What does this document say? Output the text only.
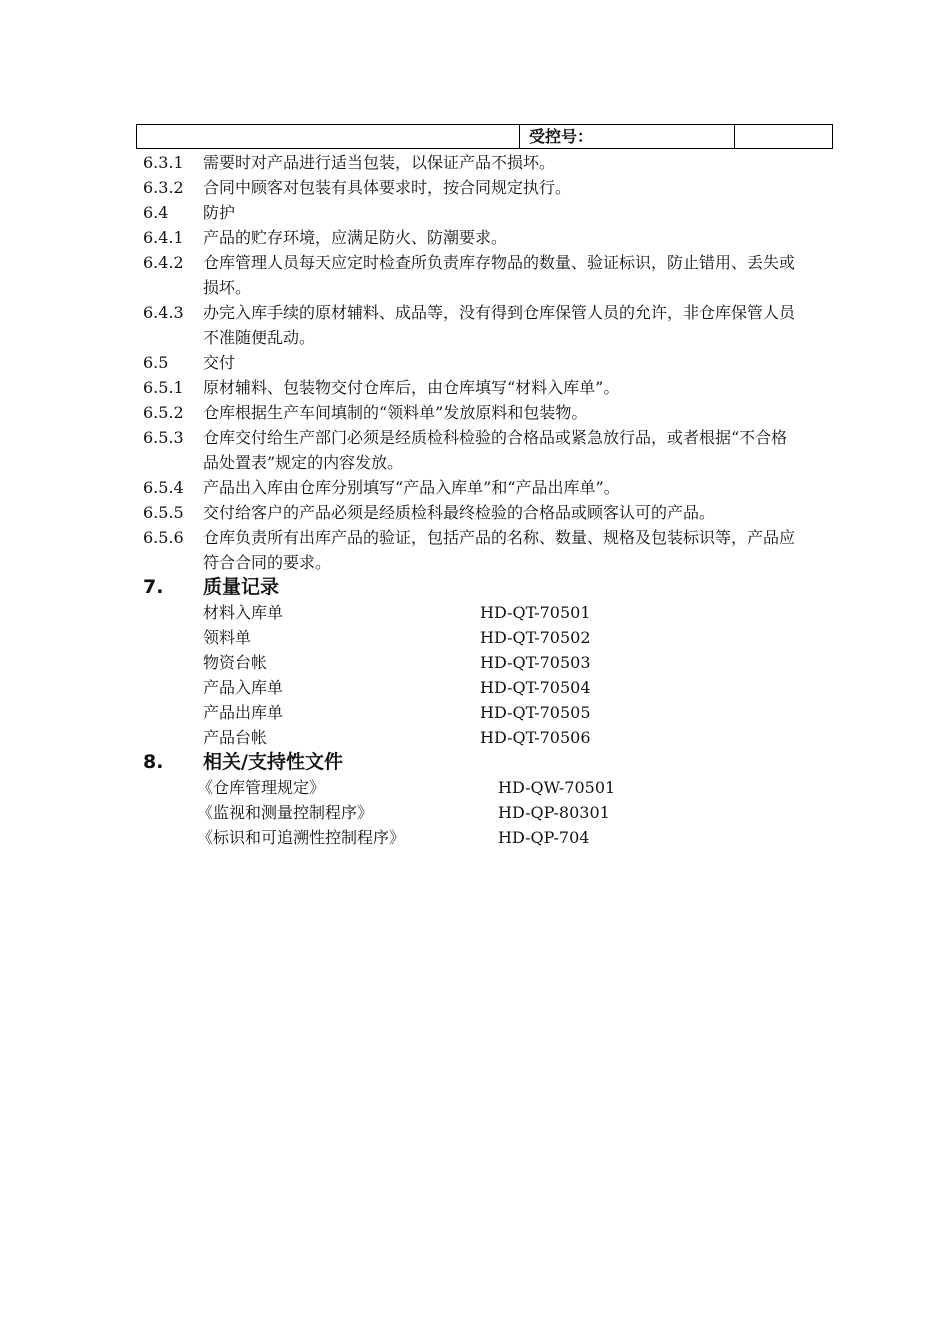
受控号：
6.3.1	需要时对产品进行适当包装，以保证产品不损坏。
6.3.2	合同中顾客对包装有具体要求时，按合同规定执行。
6.4	防护
6.4.1	产品的贮存环境，应满足防火、防潮要求。
6.4.2	仓库管理人员每天应定时检查所负责库存物品的数量、验证标识，防止错用、丢失或损坏。
6.4.3	办完入库手续的原材辅料、成品等，没有得到仓库保管人员的允许，非仓库保管人员不准随便乱动。
6.5	交付
6.5.1	原材辅料、包装物交付仓库后，由仓库填写“材料入库单”。
6.5.2	仓库根据生产车间填制的“领料单”发放原料和包装物。
6.5.3	仓库交付给生产部门必须是经质检科检验的合格品或紧急放行品，或者根据“不合格品处置表”规定的内容发放。
6.5.4	产品出入库由仓库分别填写“产品入库单”和“产品出库单”。
6.5.5	交付给客户的产品必须是经质检科最终检验的合格品或顾客认可的产品。
6.5.6	仓库负责所有出库产品的验证，包括产品的名称、数量、规格及包装标识等，产品应符合合同的要求。
7.	质量记录
材料入库单	HD-QT-70501
领料单	HD-QT-70502
物资台帐	HD-QT-70503
产品入库单	HD-QT-70504
产品出库单	HD-QT-70505
产品台帐	HD-QT-70506
8.	相关/支持性文件
《仓库管理规定》	HD-QW-70501
《监视和测量控制程序》	HD-QP-80301
《标识和可追溯性控制程序》	HD-QP-704
